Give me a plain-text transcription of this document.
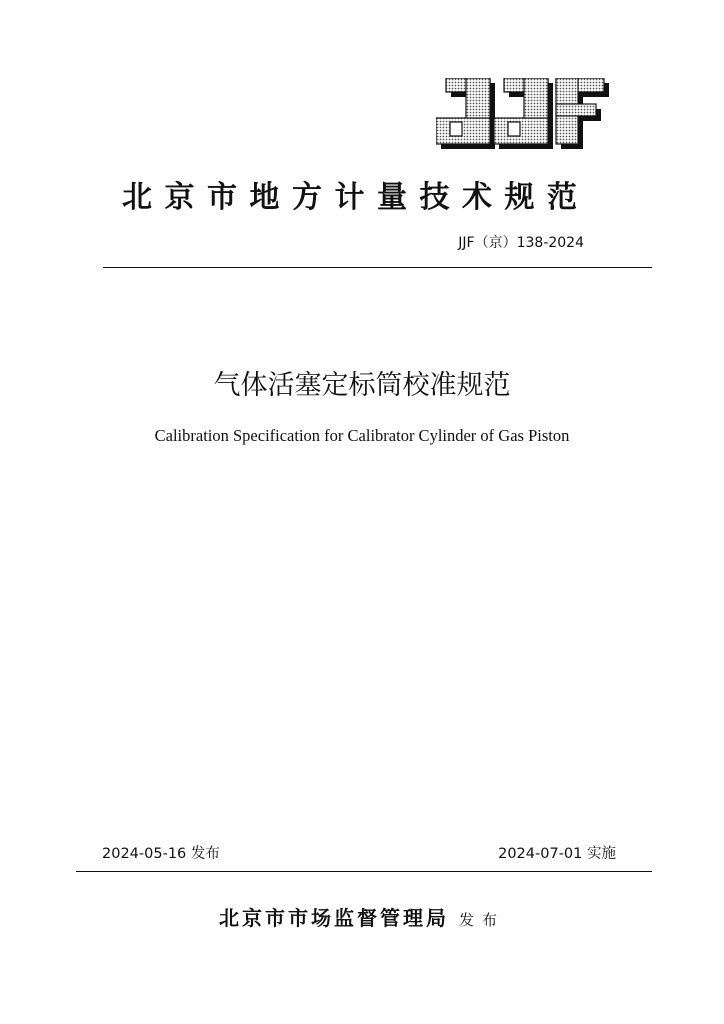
北京市地方计量技术规范
JJF（京）138-2024
气体活塞定标筒校准规范
Calibration Specification for Calibrator Cylinder of Gas Piston
2024-05-16 发布	2024-07-01 实施
北京市市场监督管理局 发布
